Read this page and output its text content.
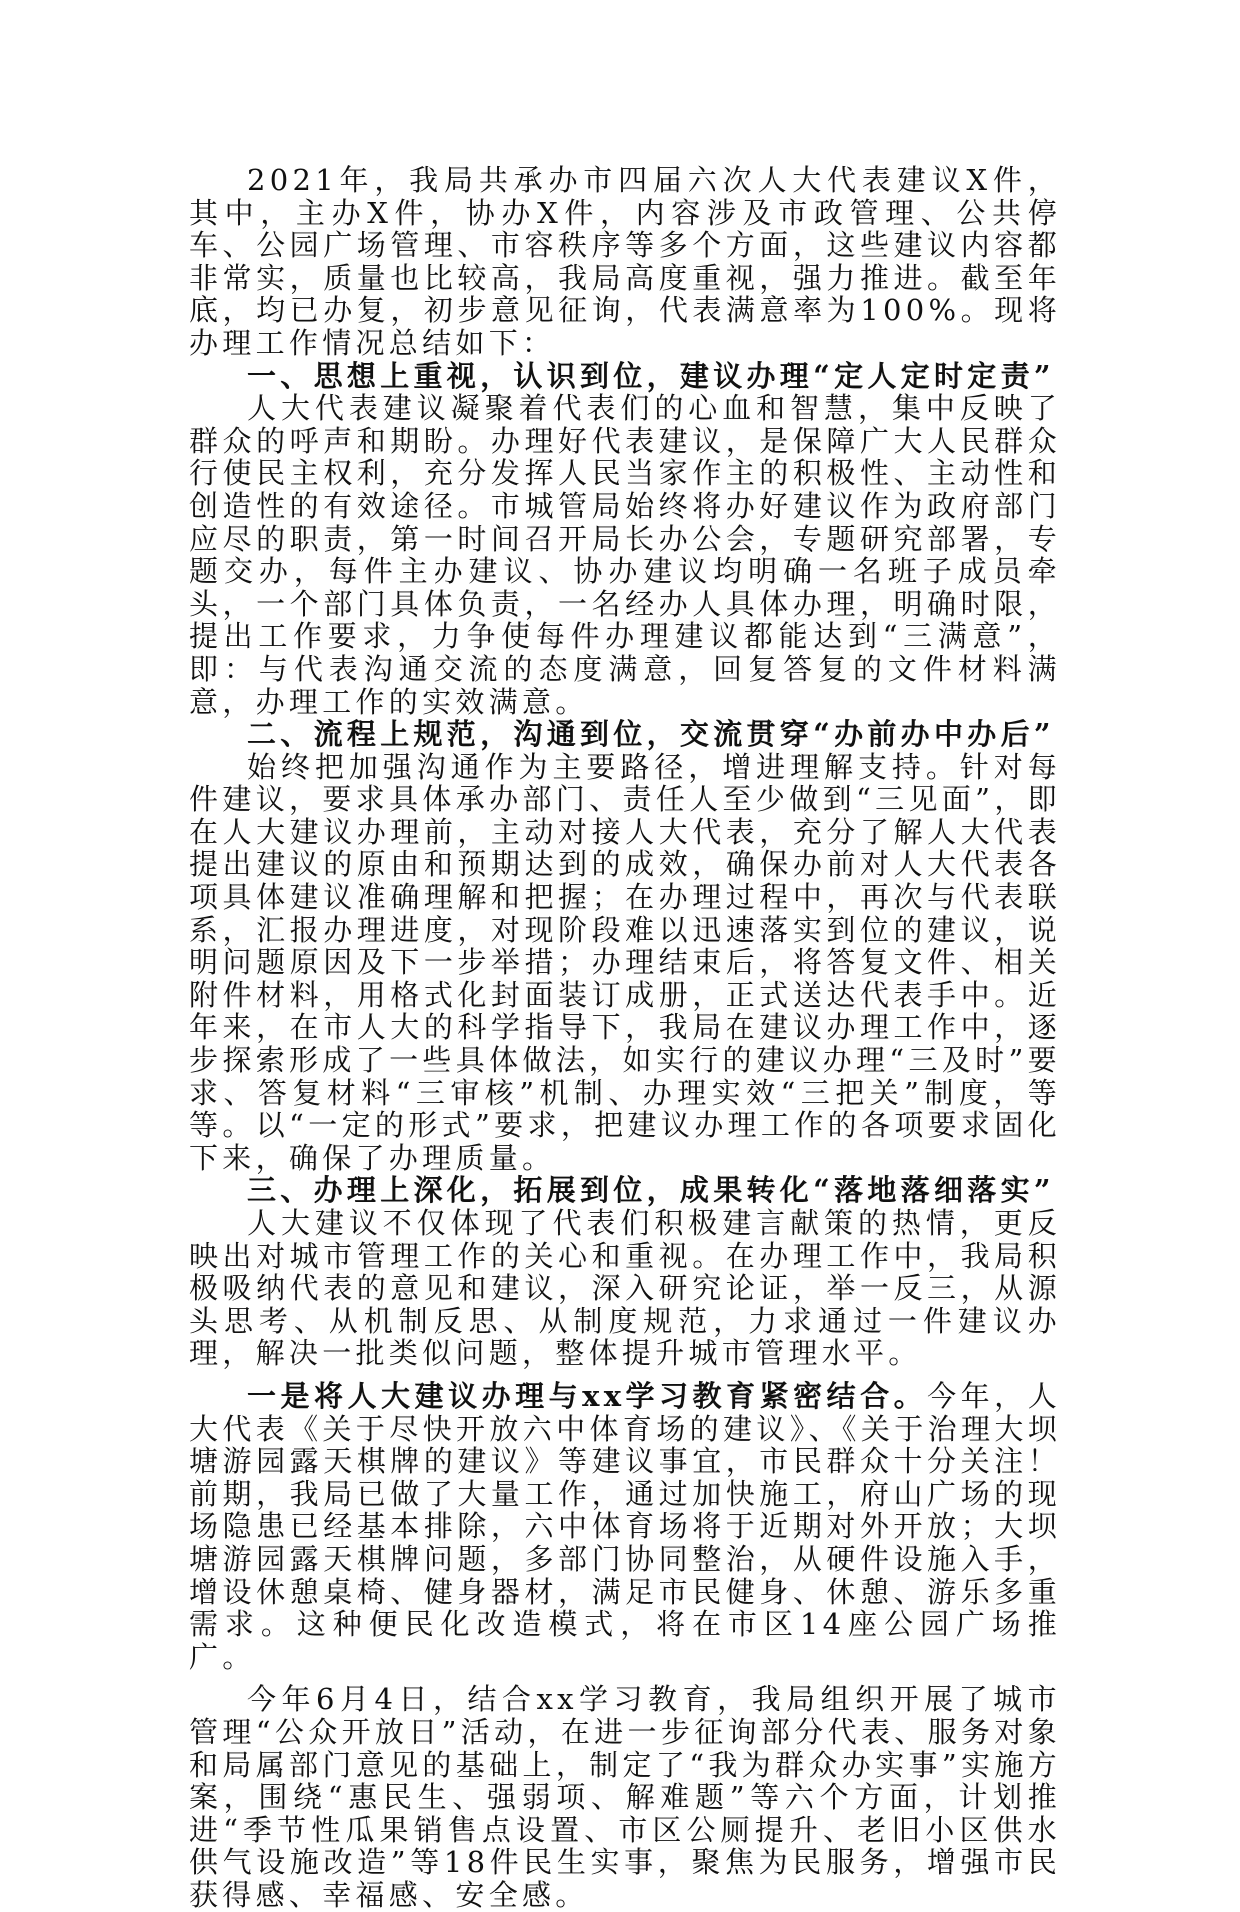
2021年，我局共承办市四届六次人大代表建议X件，其中，主办X件，协办X件，内容涉及市政管理、公共停车、公园广场管理、市容秩序等多个方面，这些建议内容都非常实，质量也比较高，我局高度重视，强力推进。截至年底，均已办复，初步意见征询，代表满意率为100%。现将办理工作情况总结如下：

一、思想上重视，认识到位，建议办理“定人定时定责”

人大代表建议凝聚着代表们的心血和智慧，集中反映了群众的呼声和期盼。办理好代表建议，是保障广大人民群众行使民主权利，充分发挥人民当家作主的积极性、主动性和创造性的有效途径。市城管局始终将办好建议作为政府部门应尽的职责，第一时间召开局长办公会，专题研究部署，专题交办，每件主办建议、协办建议均明确一名班子成员牵头，一个部门具体负责，一名经办人具体办理，明确时限，提出工作要求，力争使每件办理建议都能达到“三满意”，即：与代表沟通交流的态度满意，回复答复的文件材料满意，办理工作的实效满意。

二、流程上规范，沟通到位，交流贯穿“办前办中办后”

始终把加强沟通作为主要路径，增进理解支持。针对每件建议，要求具体承办部门、责任人至少做到“三见面”，即在人大建议办理前，主动对接人大代表，充分了解人大代表提出建议的原由和预期达到的成效，确保办前对人大代表各项具体建议准确理解和把握；在办理过程中，再次与代表联系，汇报办理进度，对现阶段难以迅速落实到位的建议，说明问题原因及下一步举措；办理结束后，将答复文件、相关附件材料，用格式化封面装订成册，正式送达代表手中。近年来，在市人大的科学指导下，我局在建议办理工作中，逐步探索形成了一些具体做法，如实行的建议办理“三及时”要求、答复材料“三审核”机制、办理实效“三把关”制度，等等。以“一定的形式”要求，把建议办理工作的各项要求固化下来，确保了办理质量。

三、办理上深化，拓展到位，成果转化“落地落细落实”

人大建议不仅体现了代表们积极建言献策的热情，更反映出对城市管理工作的关心和重视。在办理工作中，我局积极吸纳代表的意见和建议，深入研究论证，举一反三，从源头思考、从机制反思、从制度规范，力求通过一件建议办理，解决一批类似问题，整体提升城市管理水平。

一是将人大建议办理与xx学习教育紧密结合。今年，人大代表《关于尽快开放六中体育场的建议》、《关于治理大坝塘游园露天棋牌的建议》等建议事宜，市民群众十分关注！前期，我局已做了大量工作，通过加快施工，府山广场的现场隐患已经基本排除，六中体育场将于近期对外开放；大坝塘游园露天棋牌问题，多部门协同整治，从硬件设施入手，增设休憩桌椅、健身器材，满足市民健身、休憩、游乐多重需求。这种便民化改造模式，将在市区14座公园广场推广。

今年6月4日，结合xx学习教育，我局组织开展了城市管理“公众开放日”活动，在进一步征询部分代表、服务对象和局属部门意见的基础上，制定了“我为群众办实事”实施方案，围绕“惠民生、强弱项、解难题”等六个方面，计划推进“季节性瓜果销售点设置、市区公厕提升、老旧小区供水供气设施改造”等18件民生实事，聚焦为民服务，增强市民获得感、幸福感、安全感。
